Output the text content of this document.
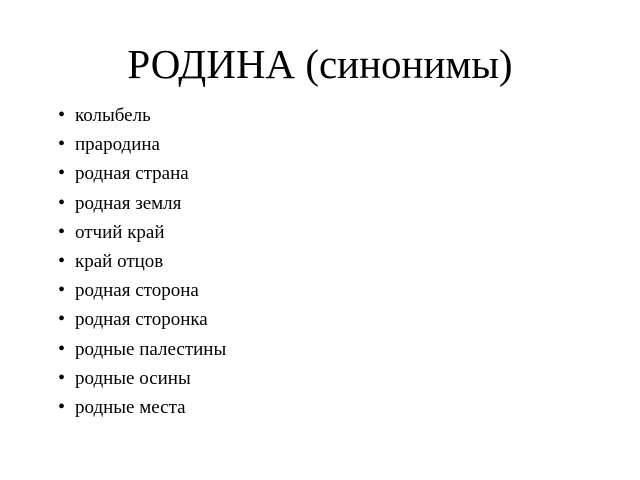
РОДИНА (синонимы)
• колыбель
• прародина
• родная страна
• родная земля
• отчий край
• край отцов
• родная сторона
• родная сторонка
• родные палестины
• родные осины
• родные места
